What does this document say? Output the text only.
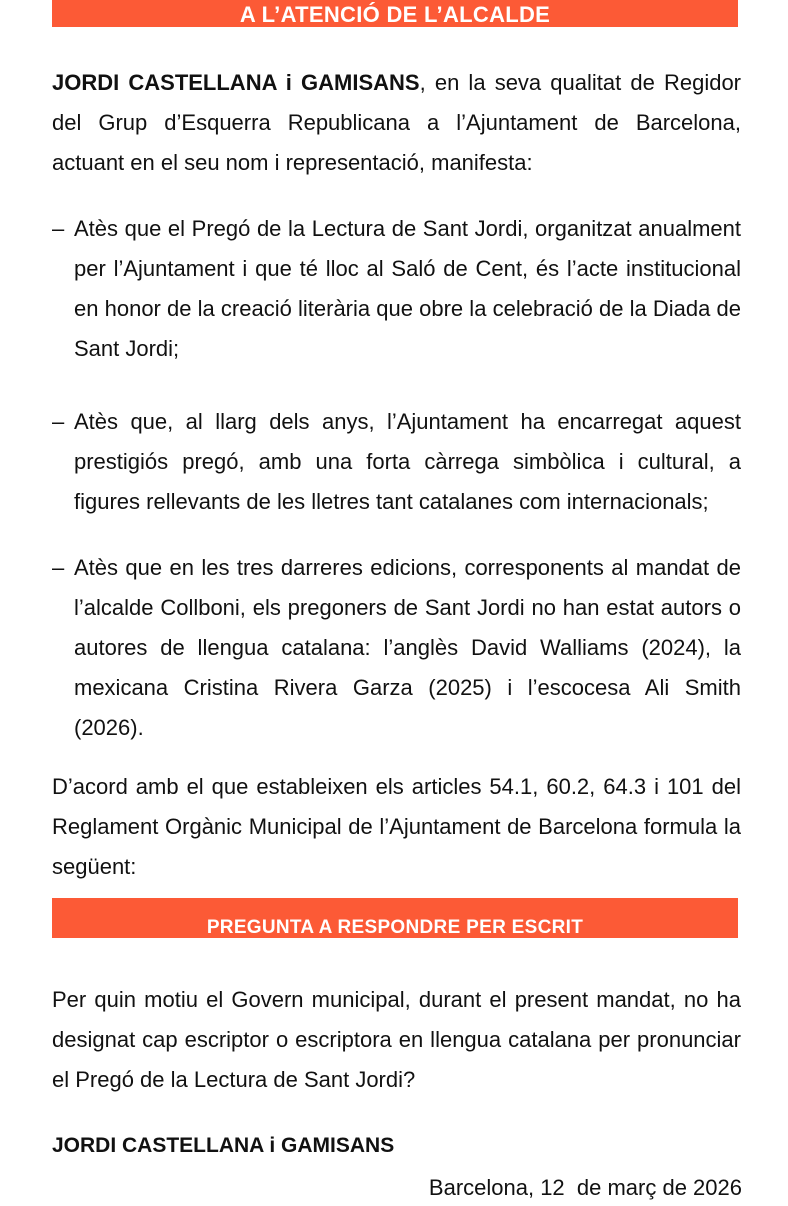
A L’ATENCIÓ DE L’ALCALDE

JORDI CASTELLANA i GAMISANS, en la seva qualitat de Regidor del Grup d’Esquerra Republicana a l’Ajuntament de Barcelona, actuant en el seu nom i representació, manifesta:

– Atès que el Pregó de la Lectura de Sant Jordi, organitzat anualment per l’Ajuntament i que té lloc al Saló de Cent, és l’acte institucional en honor de la creació literària que obre la celebració de la Diada de Sant Jordi;

– Atès que, al llarg dels anys, l’Ajuntament ha encarregat aquest prestigiós pregó, amb una forta càrrega simbòlica i cultural, a figures rellevants de les lletres tant catalanes com internacionals;

– Atès que en les tres darreres edicions, corresponents al mandat de l’alcalde Collboni, els pregoners de Sant Jordi no han estat autors o autores de llengua catalana: l’anglès David Walliams (2024), la mexicana Cristina Rivera Garza (2025) i l’escocesa Ali Smith (2026).

D’acord amb el que estableixen els articles 54.1, 60.2, 64.3 i 101 del Reglament Orgànic Municipal de l’Ajuntament de Barcelona formula la següent:

PREGUNTA A RESPONDRE PER ESCRIT

Per quin motiu el Govern municipal, durant el present mandat, no ha designat cap escriptor o escriptora en llengua catalana per pronunciar el Pregó de la Lectura de Sant Jordi?

JORDI CASTELLANA i GAMISANS
Barcelona, 12  de març de 2026
